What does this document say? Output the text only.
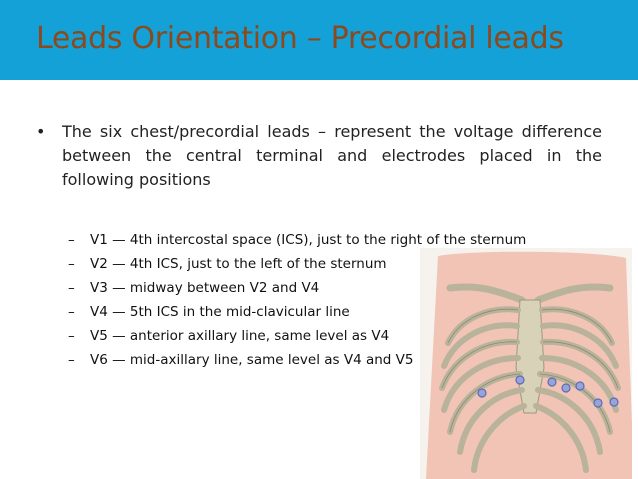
Leads Orientation – Precordial leads
•	The six chest/precordial leads – represent the voltage difference between the central terminal and electrodes placed in the following positions
– V1 — 4th intercostal space (ICS), just to the right of the sternum
– V2 — 4th ICS, just to the left of the sternum
– V3 — midway between V2 and V4
– V4 — 5th ICS in the mid-clavicular line
– V5 — anterior axillary line, same level as V4
– V6 — mid-axillary line, same level as V4 and V5
